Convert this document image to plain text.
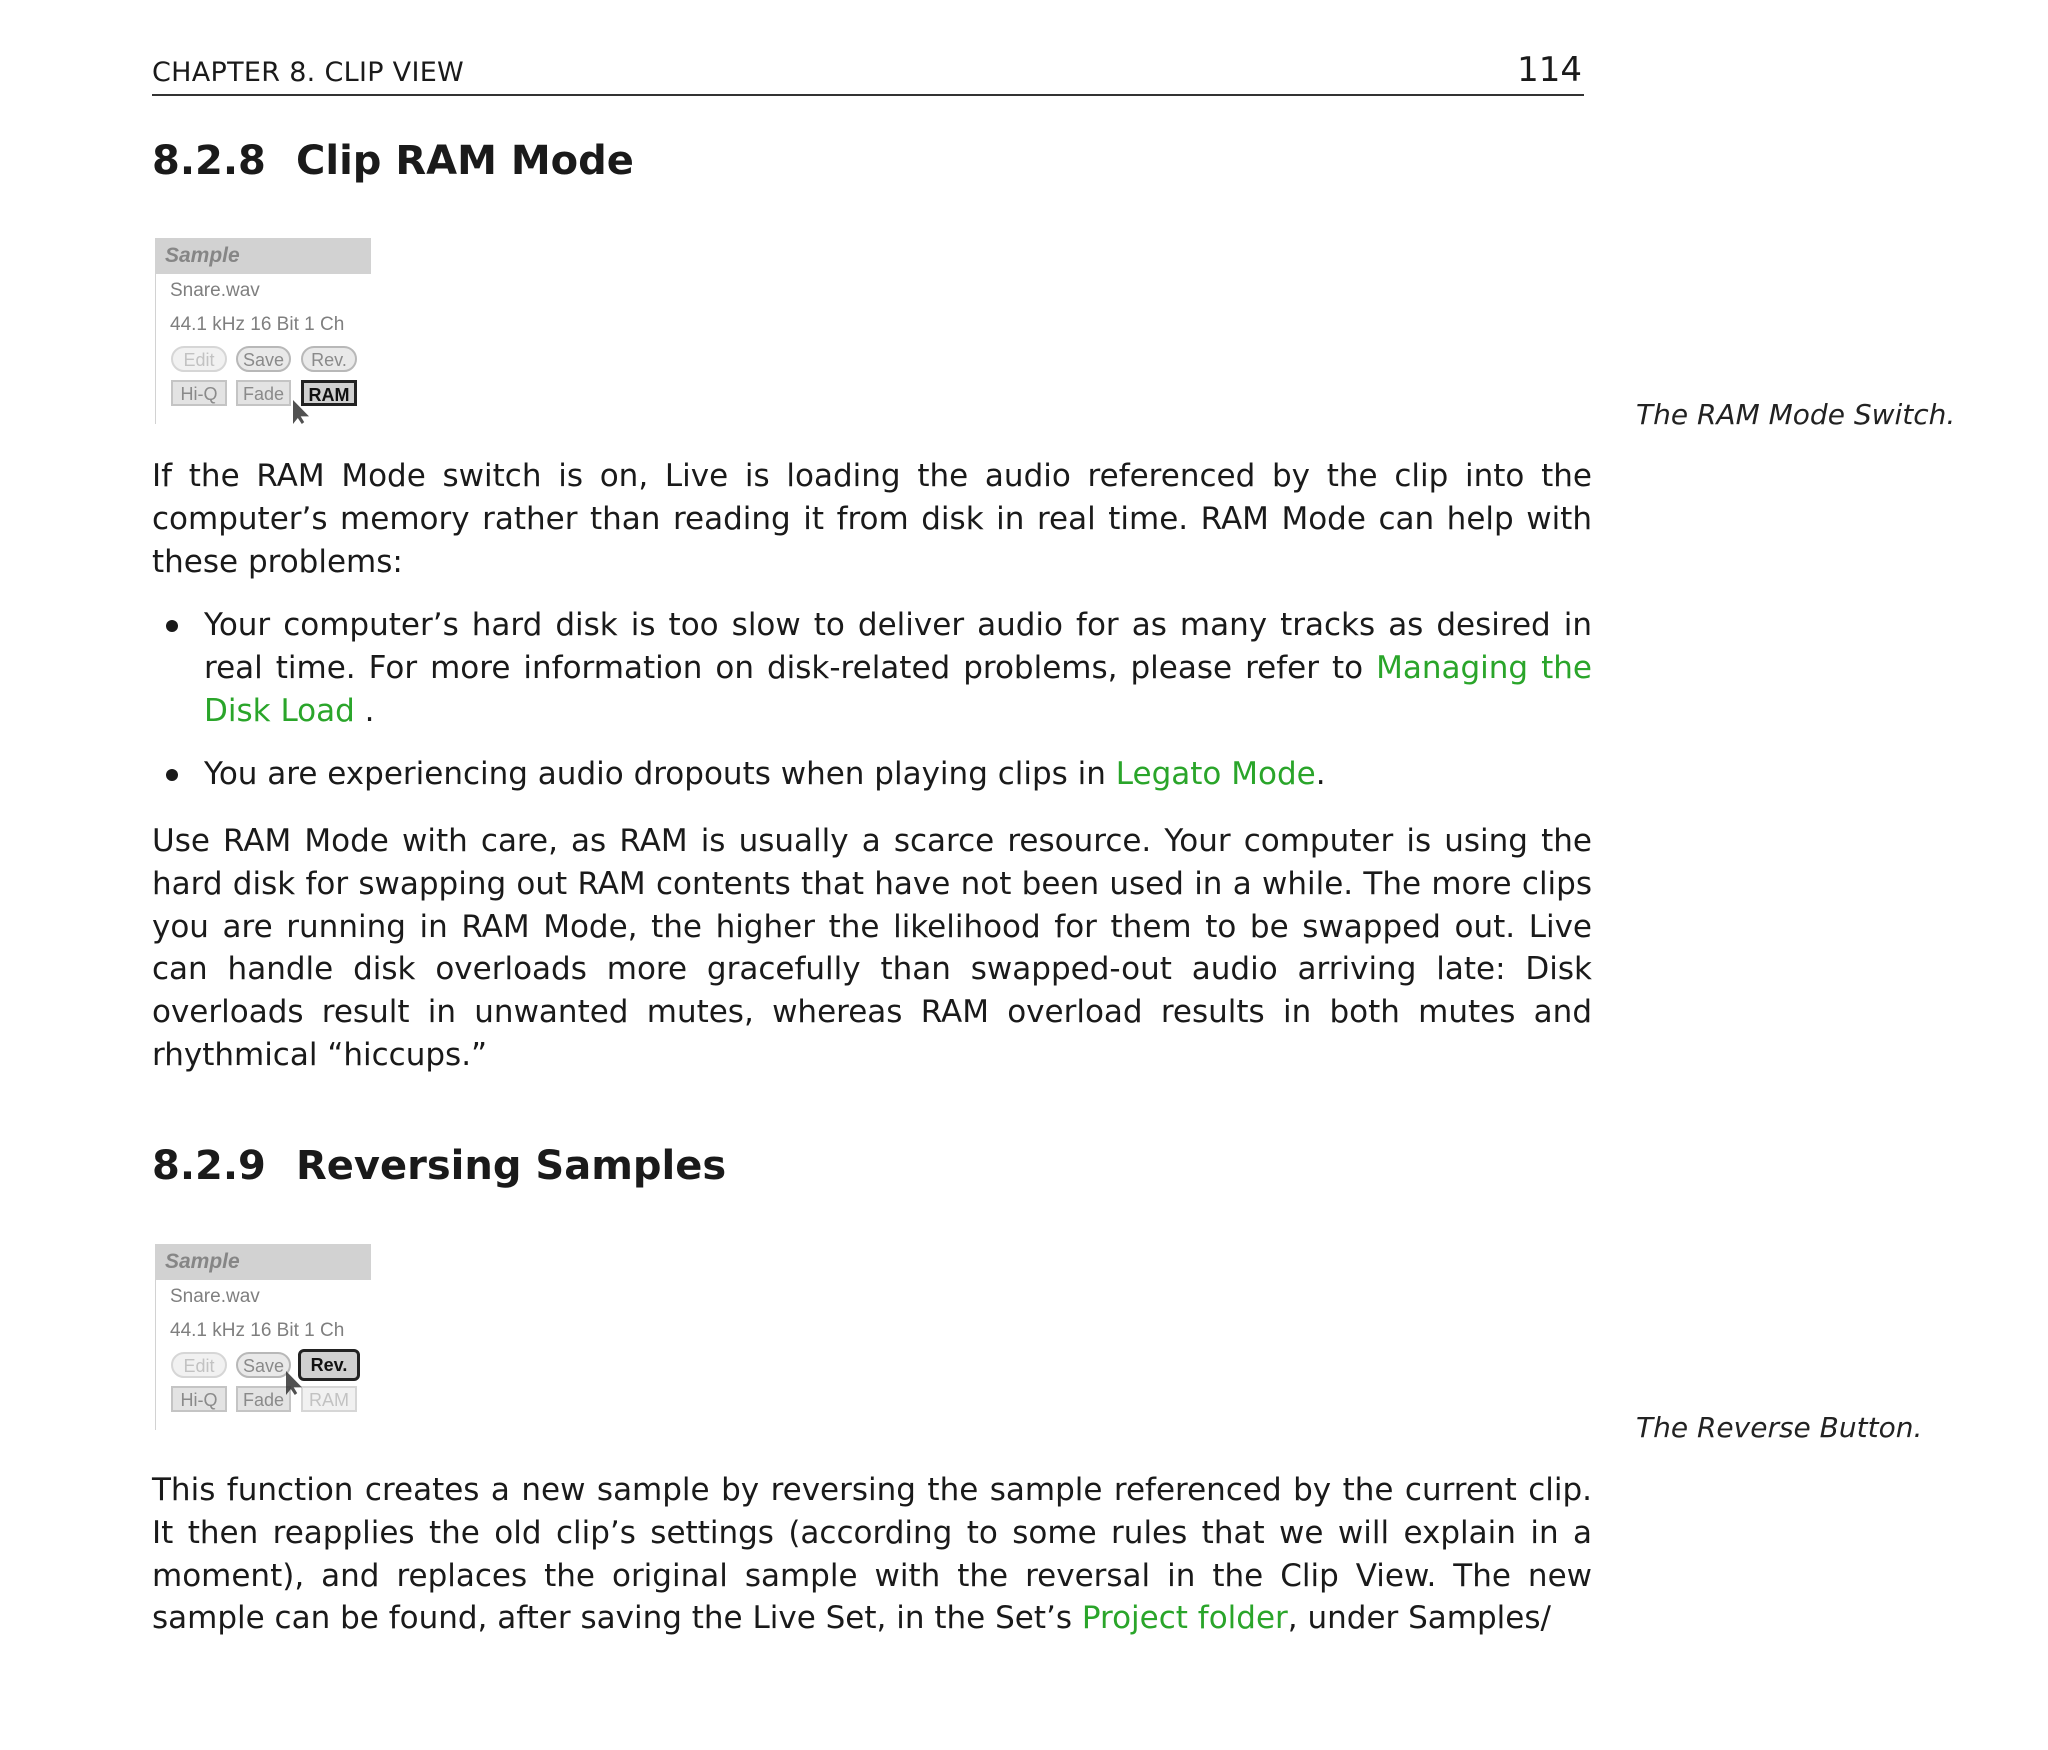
CHAPTER 8. CLIP VIEW	114
8.2.8 Clip RAM Mode
Sample
Snare.wav
44.1 kHz 16 Bit 1 Ch
Edit	Save	Rev.
Hi-Q	Fade	RAM

The RAM Mode Switch.

If the RAM Mode switch is on, Live is loading the audio referenced by the clip into the computer’s memory rather than reading it from disk in real time. RAM Mode can help with these problems:

Your computer’s hard disk is too slow to deliver audio for as many tracks as desired in real time. For more information on disk-related problems, please refer to Managing the Disk Load .
You are experiencing audio dropouts when playing clips in Legato Mode.

Use RAM Mode with care, as RAM is usually a scarce resource. Your computer is using the hard disk for swapping out RAM contents that have not been used in a while. The more clips you are running in RAM Mode, the higher the likelihood for them to be swapped out. Live can handle disk overloads more gracefully than swapped-out audio arriving late: Disk overloads result in unwanted mutes, whereas RAM overload results in both mutes and rhythmical “hiccups.”

8.2.9 Reversing Samples
Sample
Snare.wav
44.1 kHz 16 Bit 1 Ch
Edit	Save	Rev.
Hi-Q	Fade	RAM

The Reverse Button.

This function creates a new sample by reversing the sample referenced by the current clip. It then reapplies the old clip’s settings (according to some rules that we will explain in a moment), and replaces the original sample with the reversal in the Clip View. The new sample can be found, after saving the Live Set, in the Set’s Project folder, under Samples/
